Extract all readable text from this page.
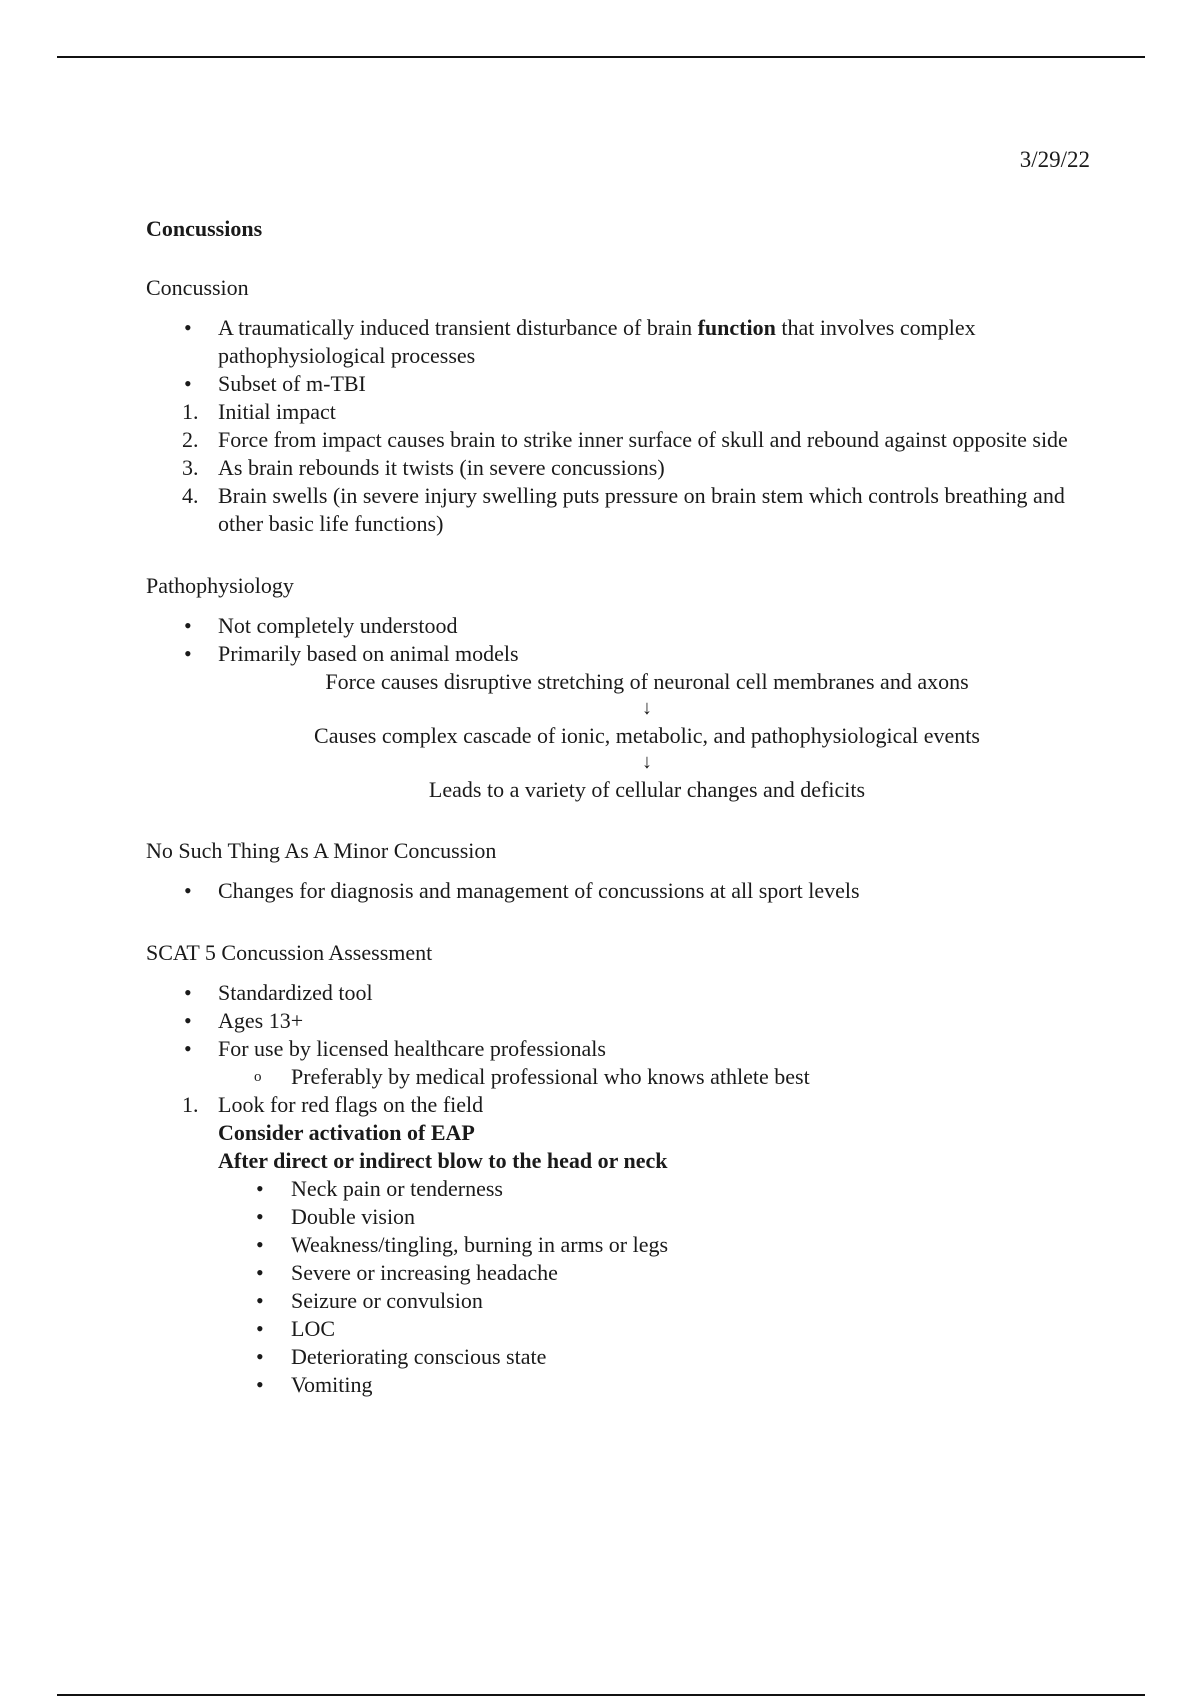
3/29/22
Concussions
Concussion
• A traumatically induced transient disturbance of brain function that involves complex pathophysiological processes
• Subset of m-TBI
1. Initial impact
2. Force from impact causes brain to strike inner surface of skull and rebound against opposite side
3. As brain rebounds it twists (in severe concussions)
4. Brain swells (in severe injury swelling puts pressure on brain stem which controls breathing and other basic life functions)
Pathophysiology
• Not completely understood
• Primarily based on animal models
Force causes disruptive stretching of neuronal cell membranes and axons
↓
Causes complex cascade of ionic, metabolic, and pathophysiological events
↓
Leads to a variety of cellular changes and deficits
No Such Thing As A Minor Concussion
• Changes for diagnosis and management of concussions at all sport levels
SCAT 5 Concussion Assessment
• Standardized tool
• Ages 13+
• For use by licensed healthcare professionals
o Preferably by medical professional who knows athlete best
1. Look for red flags on the field
Consider activation of EAP
After direct or indirect blow to the head or neck
• Neck pain or tenderness
• Double vision
• Weakness/tingling, burning in arms or legs
• Severe or increasing headache
• Seizure or convulsion
• LOC
• Deteriorating conscious state
• Vomiting
